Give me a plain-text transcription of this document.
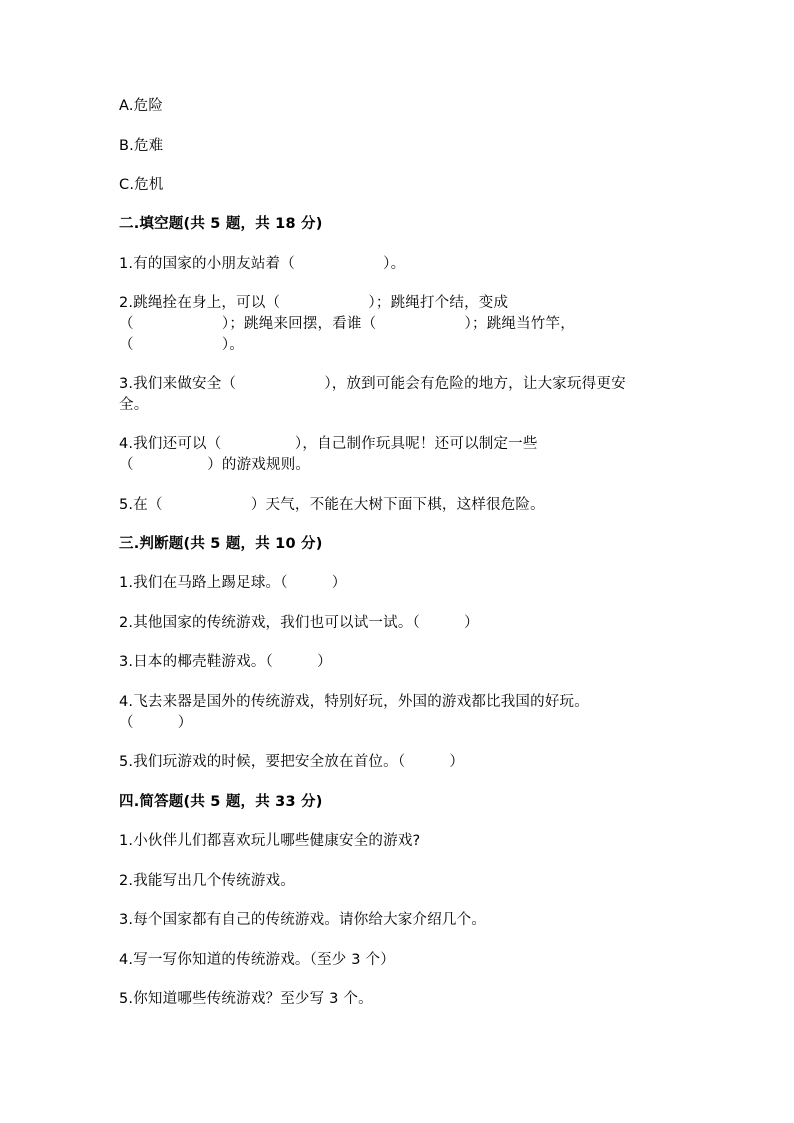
A.危险
B.危难
C.危机
二.填空题(共 5 题，共 18 分)
1.有的国家的小朋友站着（　　　　　　）。
2.跳绳拴在身上，可以（　　　　　　）；跳绳打个结，变成
（　　　　　　）；跳绳来回摆，看谁（　　　　　　）；跳绳当竹竿，
（　　　　　　）。
3.我们来做安全（　　　　　　），放到可能会有危险的地方，让大家玩得更安
全。
4.我们还可以（　　　　　），自己制作玩具呢！还可以制定一些
（　　　　　）的游戏规则。
5.在（　　　　　　）天气，不能在大树下面下棋，这样很危险。
三.判断题(共 5 题，共 10 分)
1.我们在马路上踢足球。（　　　）
2.其他国家的传统游戏，我们也可以试一试。（　　　）
3.日本的椰壳鞋游戏。（　　　）
4.飞去来器是国外的传统游戏，特别好玩，外国的游戏都比我国的好玩。
（　　　）
5.我们玩游戏的时候，要把安全放在首位。（　　　）
四.简答题(共 5 题，共 33 分)
1.小伙伴儿们都喜欢玩儿哪些健康安全的游戏?
2.我能写出几个传统游戏。
3.每个国家都有自己的传统游戏。请你给大家介绍几个。
4.写一写你知道的传统游戏。（至少 3 个）
5.你知道哪些传统游戏？至少写 3 个。
